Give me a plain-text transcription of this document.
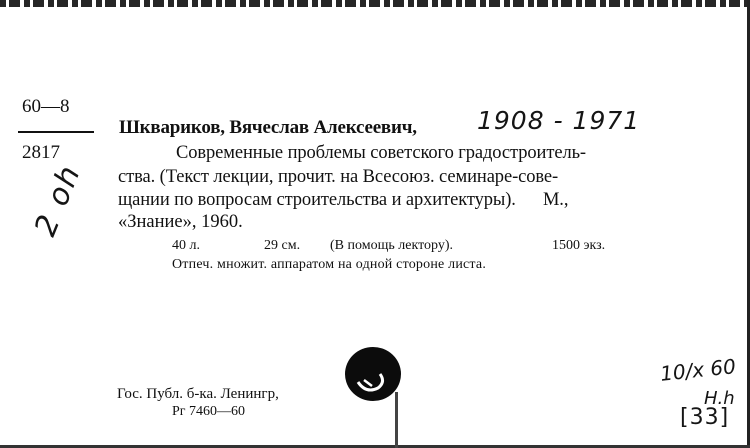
60—8
2817
Шквариков, Вячеслав Алексеевич, 1908 - 1971
Современные проблемы советского градостроитель-
ства. (Текст лекции, прочит. на Всесоюз. семинаре-сове-
щании по вопросам строительства и архитектуры).      М.,
«Знание», 1960.
40 л.	29 см. (В помощь лектору).	1500 экз.
Отпеч. множит. аппаратом на одной стороне листа.
2 oh
Гос. Публ. б-ка. Ленингр,
Рг 7460—60
10/x 60
H.h
[33]
